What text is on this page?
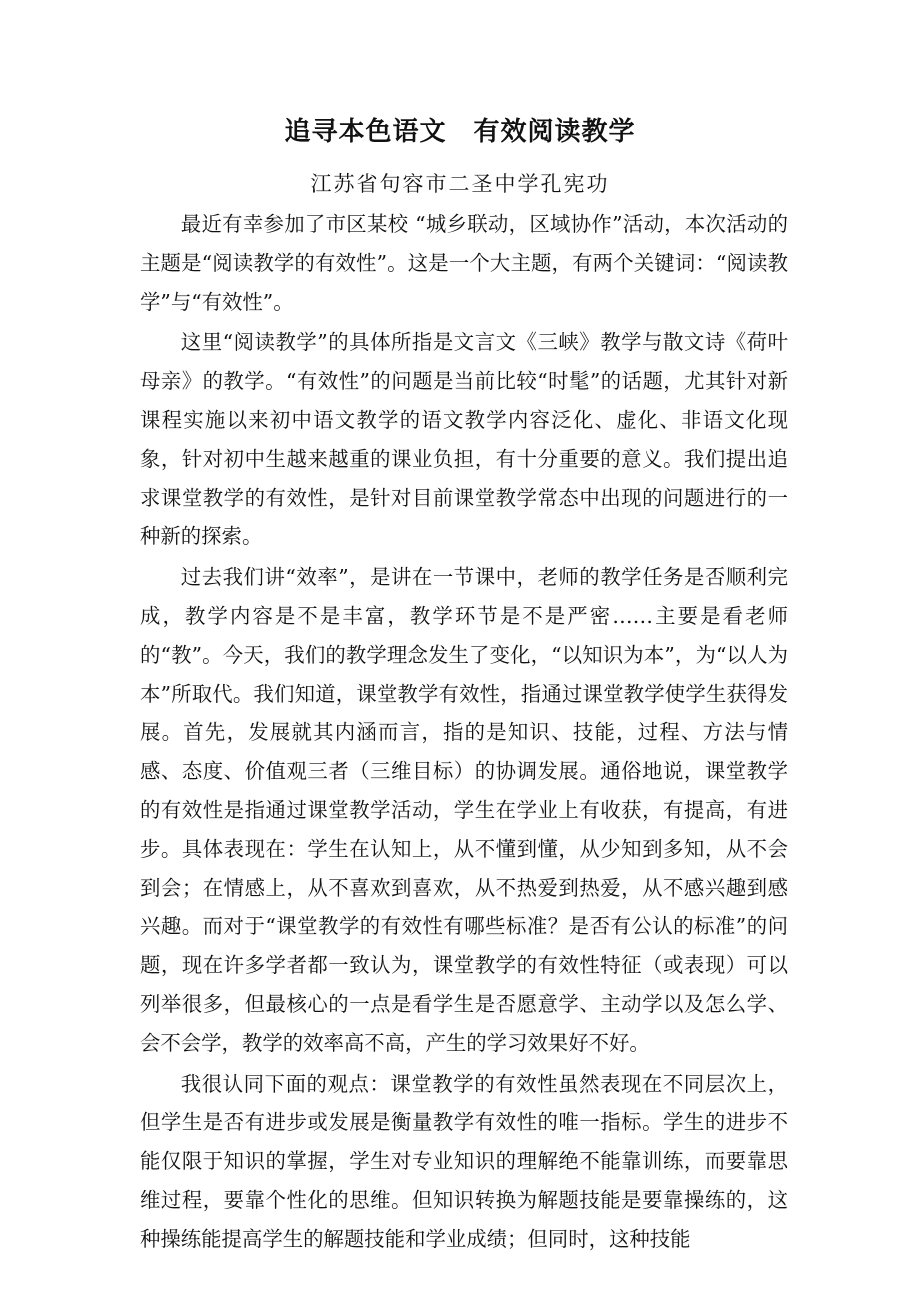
追寻本色语文　有效阅读教学
江苏省句容市二圣中学孔宪功

最近有幸参加了市区某校 “城乡联动，区域协作”活动，本次活动的主题是“阅读教学的有效性”。这是一个大主题，有两个关键词：“阅读教学”与“有效性”。

这里“阅读教学”的具体所指是文言文《三峡》教学与散文诗《荷叶母亲》的教学。“有效性”的问题是当前比较“时髦”的话题，尤其针对新课程实施以来初中语文教学的语文教学内容泛化、虚化、非语文化现象，针对初中生越来越重的课业负担，有十分重要的意义。我们提出追求课堂教学的有效性，是针对目前课堂教学常态中出现的问题进行的一种新的探索。

过去我们讲“效率”，是讲在一节课中，老师的教学任务是否顺利完成，教学内容是不是丰富，教学环节是不是严密……主要是看老师的“教”。今天，我们的教学理念发生了变化，“以知识为本”，为“以人为本”所取代。我们知道，课堂教学有效性，指通过课堂教学使学生获得发展。首先，发展就其内涵而言，指的是知识、技能，过程、方法与情感、态度、价值观三者（三维目标）的协调发展。通俗地说，课堂教学的有效性是指通过课堂教学活动，学生在学业上有收获，有提高，有进步。具体表现在：学生在认知上，从不懂到懂，从少知到多知，从不会到会；在情感上，从不喜欢到喜欢，从不热爱到热爱，从不感兴趣到感兴趣。而对于“课堂教学的有效性有哪些标准？是否有公认的标准”的问题，现在许多学者都一致认为，课堂教学的有效性特征（或表现）可以列举很多，但最核心的一点是看学生是否愿意学、主动学以及怎么学、会不会学，教学的效率高不高，产生的学习效果好不好。

我很认同下面的观点：课堂教学的有效性虽然表现在不同层次上，但学生是否有进步或发展是衡量教学有效性的唯一指标。学生的进步不能仅限于知识的掌握，学生对专业知识的理解绝不能靠训练，而要靠思维过程，要靠个性化的思维。但知识转换为解题技能是要靠操练的，这种操练能提高学生的解题技能和学业成绩；但同时，这种技能
